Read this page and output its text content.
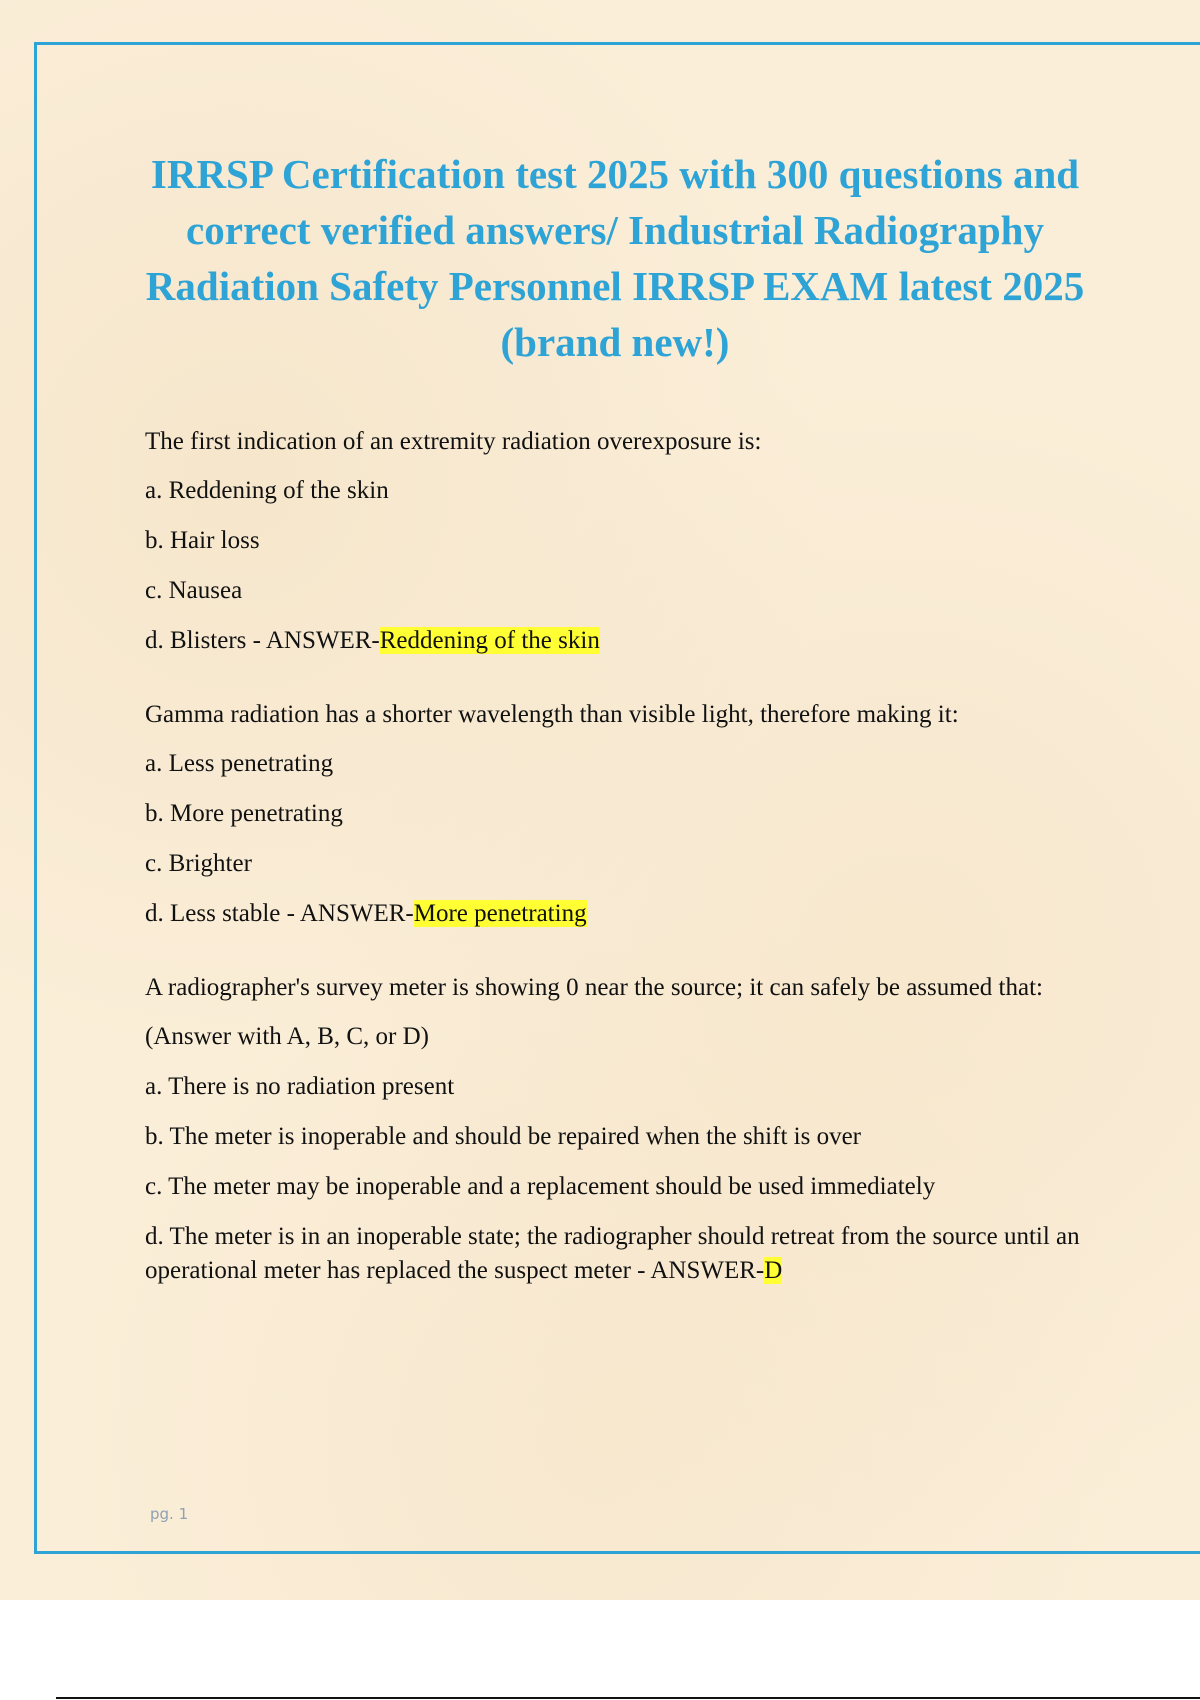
IRRSP Certification test 2025 with 300 questions and correct verified answers/ Industrial Radiography Radiation Safety Personnel IRRSP EXAM latest 2025 (brand new!)

The first indication of an extremity radiation overexposure is:

a. Reddening of the skin

b. Hair loss

c. Nausea

d. Blisters - ANSWER-Reddening of the skin

Gamma radiation has a shorter wavelength than visible light, therefore making it:

a. Less penetrating

b. More penetrating

c. Brighter

d. Less stable - ANSWER-More penetrating

A radiographer's survey meter is showing 0 near the source; it can safely be assumed that:

(Answer with A, B, C, or D)

a. There is no radiation present

b. The meter is inoperable and should be repaired when the shift is over

c. The meter may be inoperable and a replacement should be used immediately

d. The meter is in an inoperable state; the radiographer should retreat from the source until an operational meter has replaced the suspect meter - ANSWER-D

pg. 1
